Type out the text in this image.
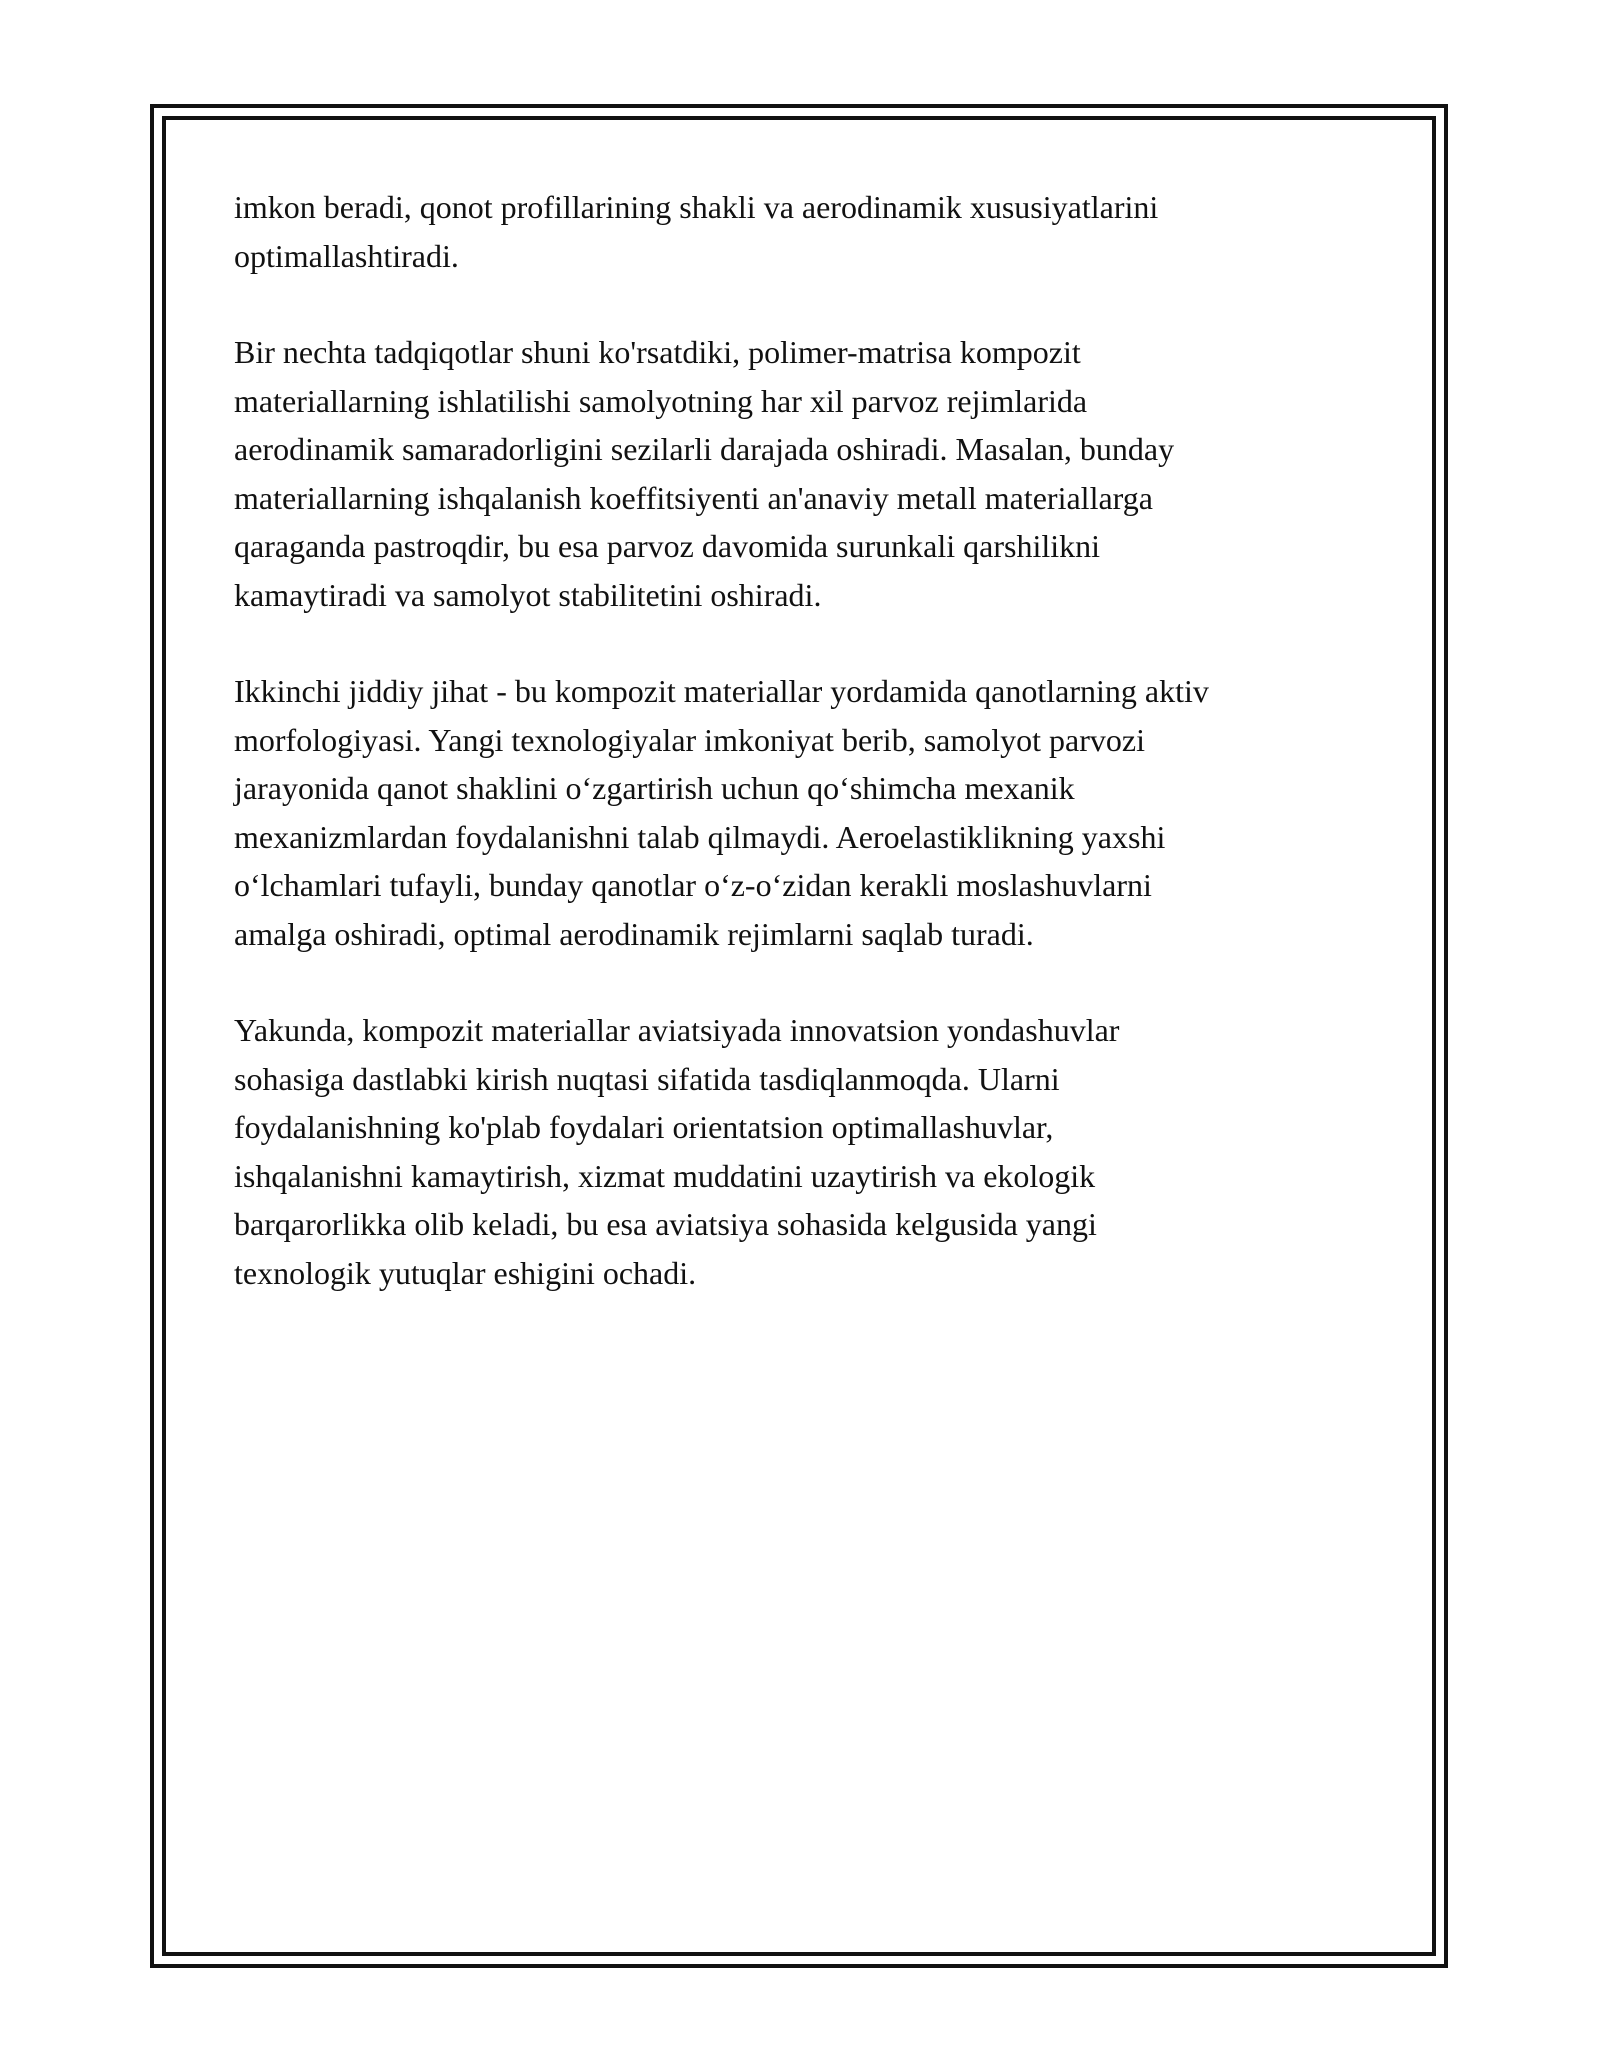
imkon beradi, qonot profillarining shakli va aerodinamik xususiyatlarini
optimallashtiradi.

Bir nechta tadqiqotlar shuni ko'rsatdiki, polimer-matrisa kompozit
materiallarning ishlatilishi samolyotning har xil parvoz rejimlarida
aerodinamik samaradorligini sezilarli darajada oshiradi. Masalan, bunday
materiallarning ishqalanish koeffitsiyenti an'anaviy metall materiallarga
qaraganda pastroqdir, bu esa parvoz davomida surunkali qarshilikni
kamaytiradi va samolyot stabilitetini oshiradi.

Ikkinchi jiddiy jihat - bu kompozit materiallar yordamida qanotlarning aktiv
morfologiyasi. Yangi texnologiyalar imkoniyat berib, samolyot parvozi
jarayonida qanot shaklini o‘zgartirish uchun qo‘shimcha mexanik
mexanizmlardan foydalanishni talab qilmaydi. Aeroelastiklikning yaxshi
o‘lchamlari tufayli, bunday qanotlar o‘z-o‘zidan kerakli moslashuvlarni
amalga oshiradi, optimal aerodinamik rejimlarni saqlab turadi.

Yakunda, kompozit materiallar aviatsiyada innovatsion yondashuvlar
sohasiga dastlabki kirish nuqtasi sifatida tasdiqlanmoqda. Ularni
foydalanishning ko'plab foydalari orientatsion optimallashuvlar,
ishqalanishni kamaytirish, xizmat muddatini uzaytirish va ekologik
barqarorlikka olib keladi, bu esa aviatsiya sohasida kelgusida yangi
texnologik yutuqlar eshigini ochadi.
